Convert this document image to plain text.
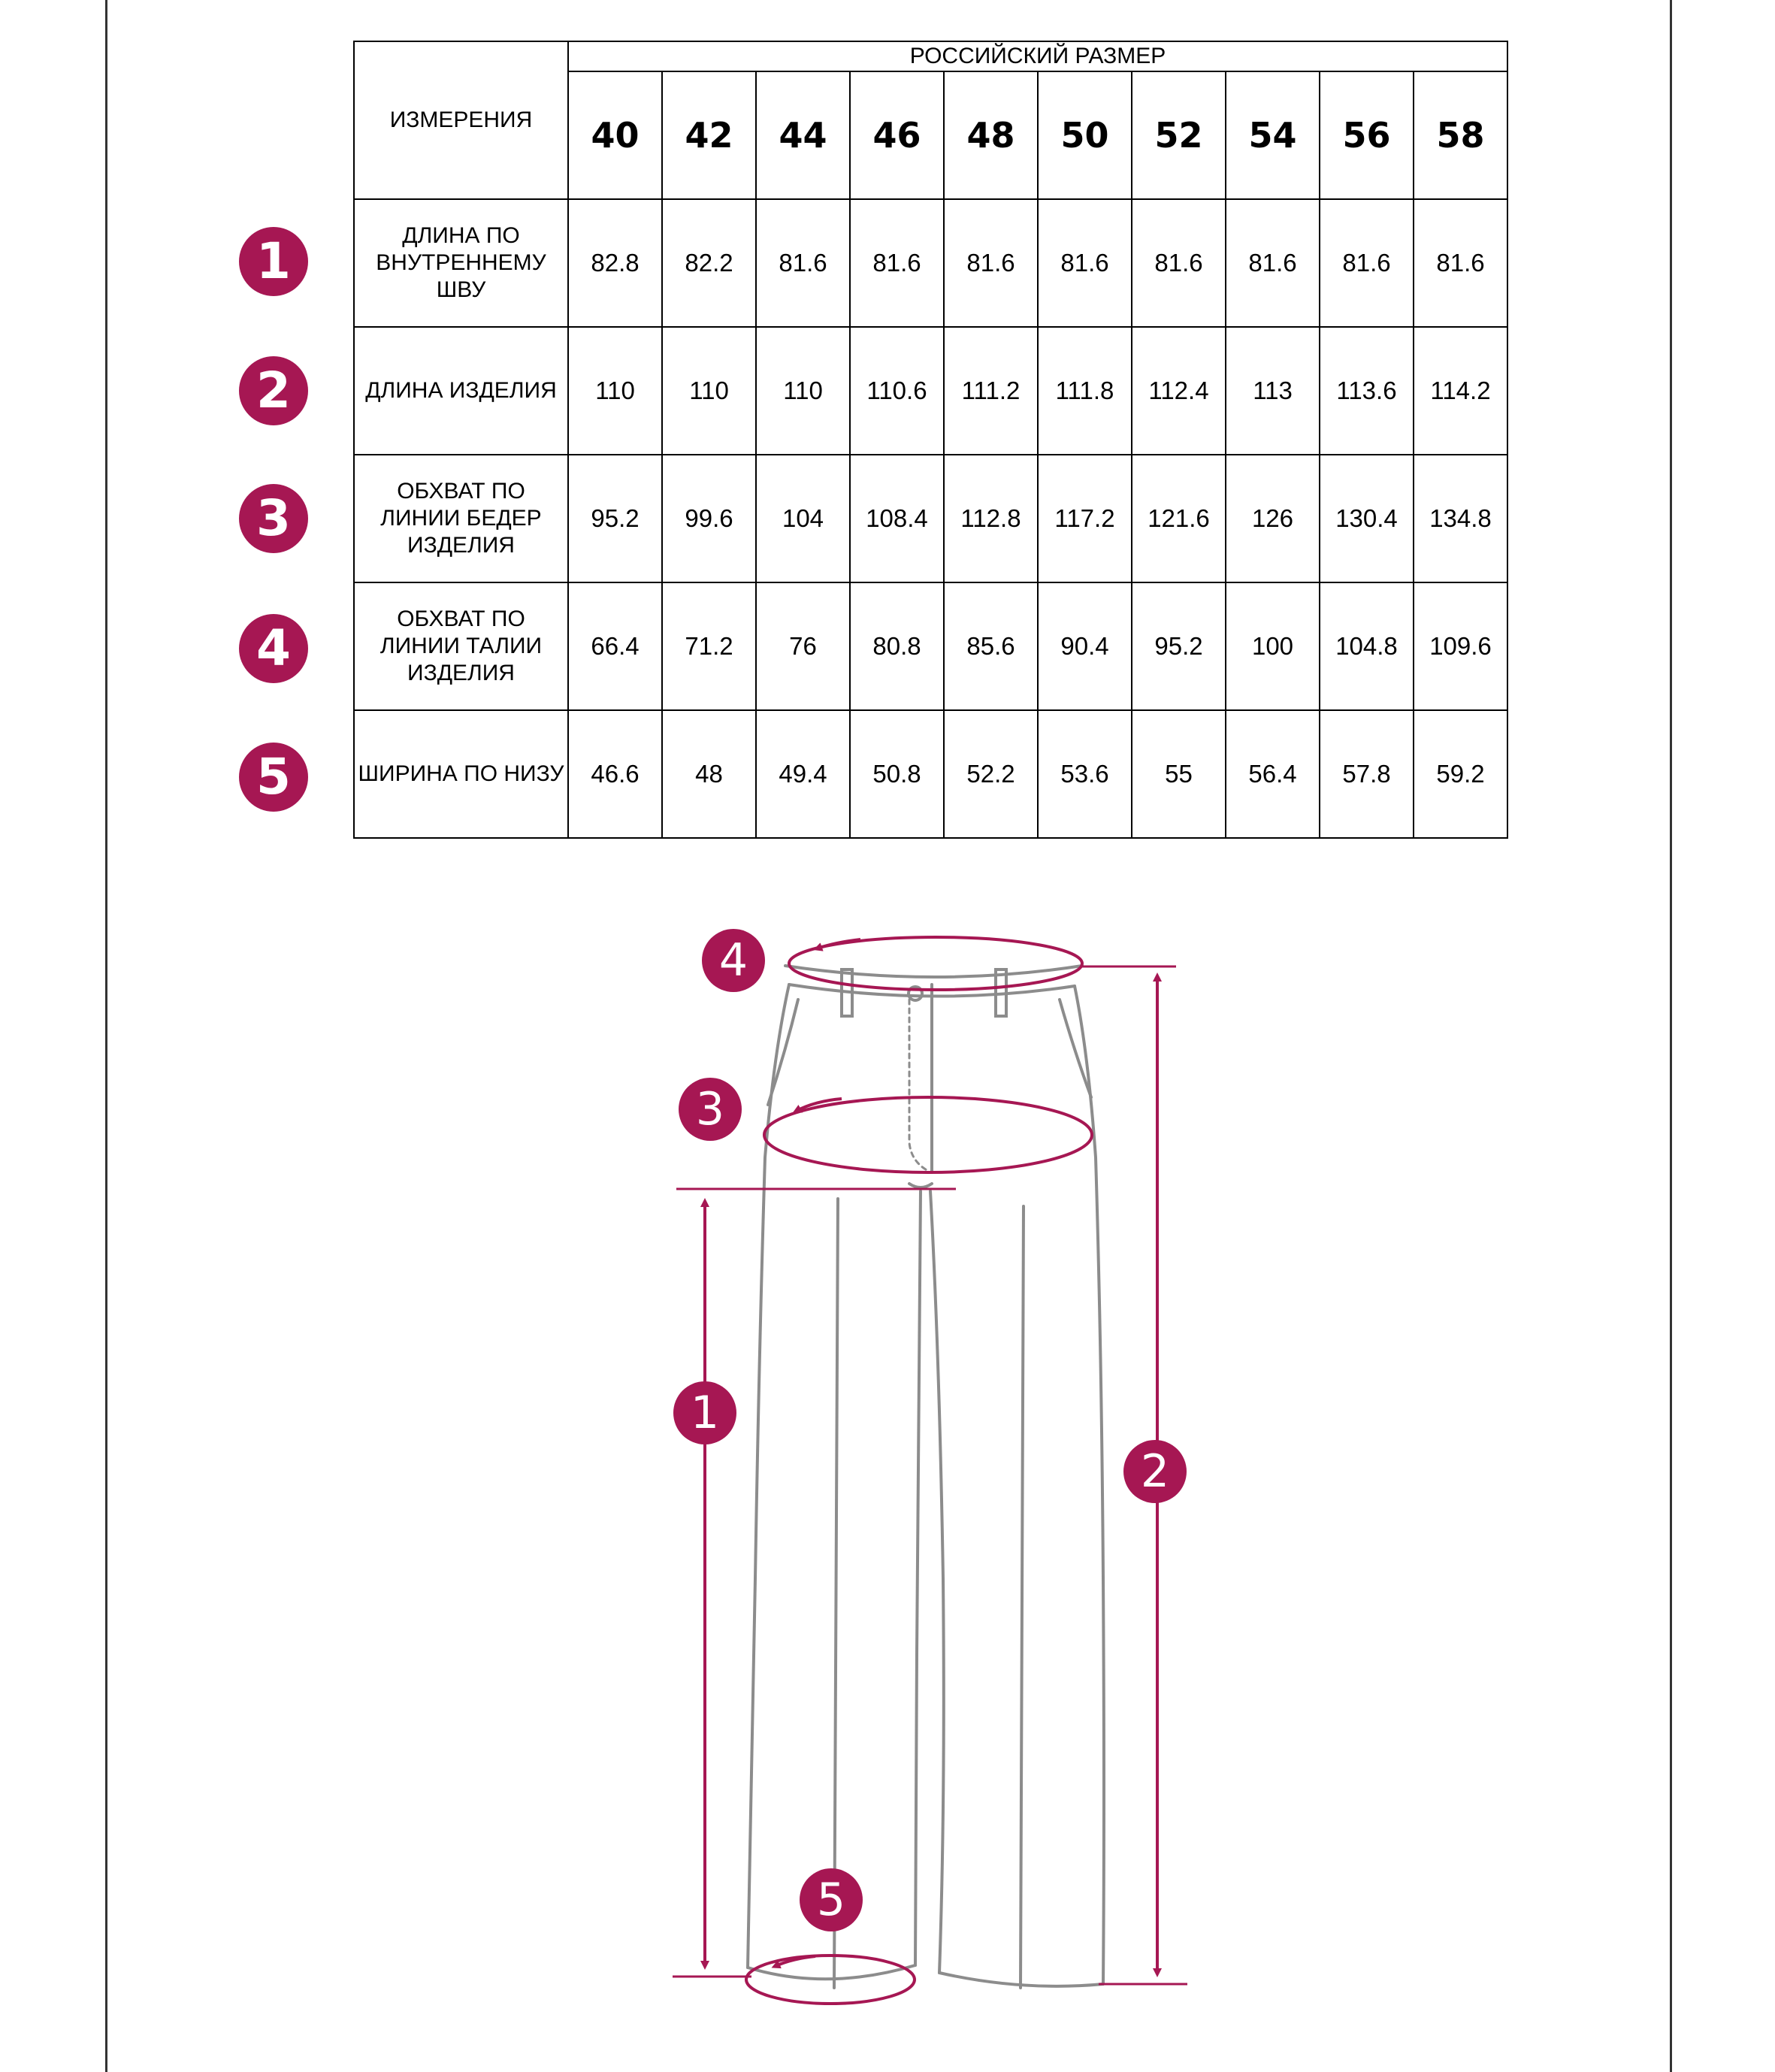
1
2
3
4
5
ИЗМЕРЕНИЯ	РОССИЙСКИЙ РАЗМЕР									
	40	42	44	46	48	50	52	54	56	58
ДЛИНА ПО ВНУТРЕННЕМУ ШВУ	82.8	82.2	81.6	81.6	81.6	81.6	81.6	81.6	81.6	81.6
ДЛИНА ИЗДЕЛИЯ	110	110	110	110.6	111.2	111.8	112.4	113	113.6	114.2
ОБХВАТ ПО ЛИНИИ БЕДЕР ИЗДЕЛИЯ	95.2	99.6	104	108.4	112.8	117.2	121.6	126	130.4	134.8
ОБХВАТ ПО ЛИНИИ ТАЛИИ ИЗДЕЛИЯ	66.4	71.2	76	80.8	85.6	90.4	95.2	100	104.8	109.6
ШИРИНА ПО НИЗУ	46.6	48	49.4	50.8	52.2	53.6	55	56.4	57.8	59.2
4
3
1
2
5
